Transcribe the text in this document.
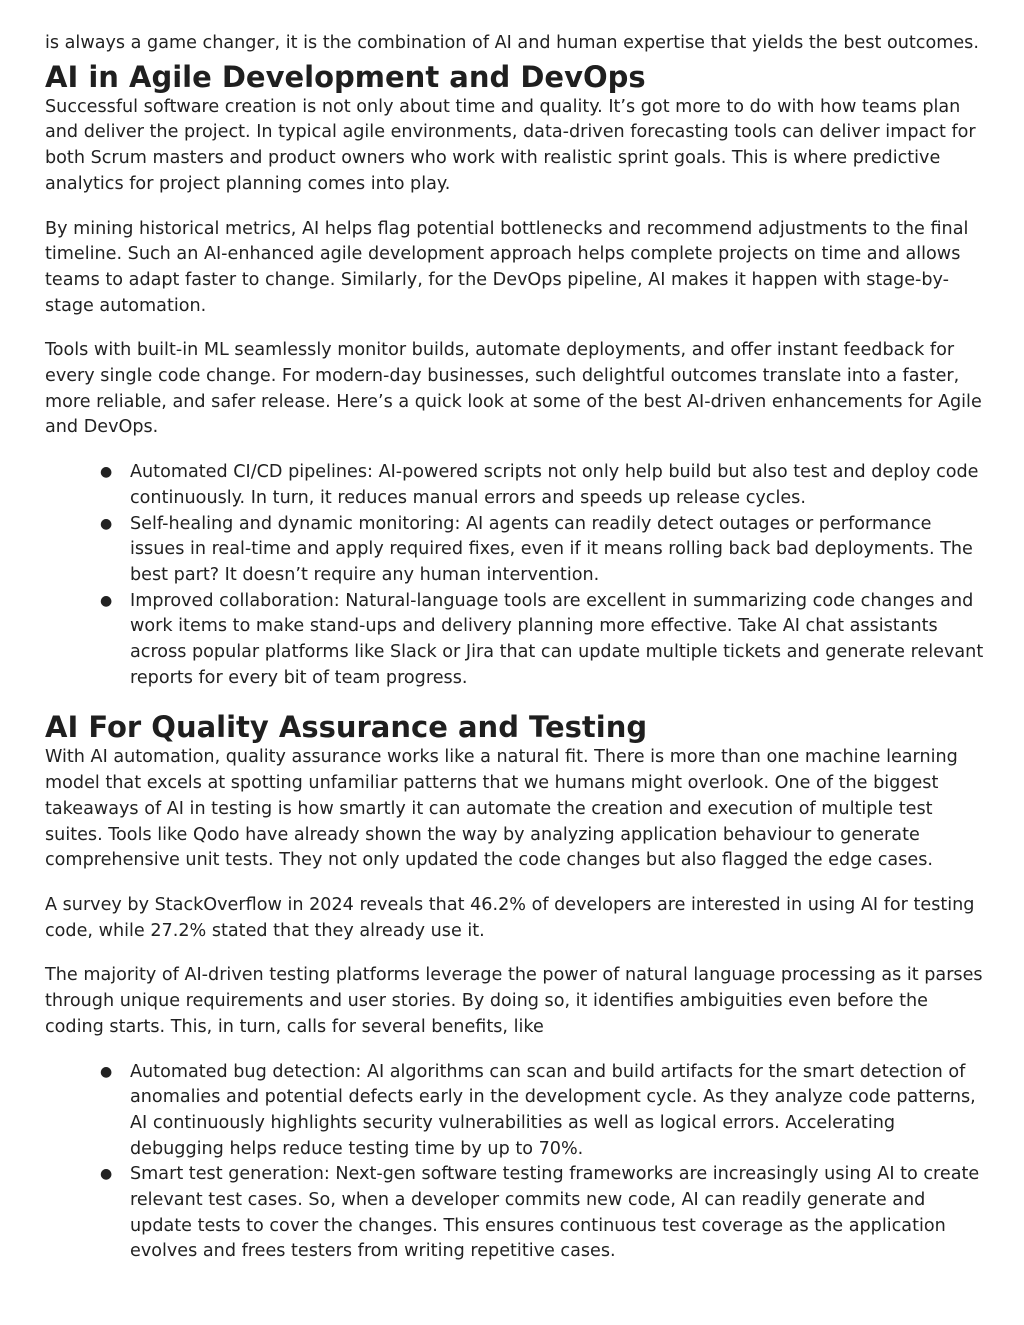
is always a game changer, it is the combination of AI and human expertise that yields the best outcomes.

AI in Agile Development and DevOps

Successful software creation is not only about time and quality. It’s got more to do with how teams plan and deliver the project. In typical agile environments, data-driven forecasting tools can deliver impact for both Scrum masters and product owners who work with realistic sprint goals. This is where predictive analytics for project planning comes into play.

By mining historical metrics, AI helps flag potential bottlenecks and recommend adjustments to the final timeline. Such an AI-enhanced agile development approach helps complete projects on time and allows teams to adapt faster to change. Similarly, for the DevOps pipeline, AI makes it happen with stage-by-stage automation.

Tools with built-in ML seamlessly monitor builds, automate deployments, and offer instant feedback for every single code change. For modern-day businesses, such delightful outcomes translate into a faster, more reliable, and safer release. Here’s a quick look at some of the best AI-driven enhancements for Agile and DevOps.

●	Automated CI/CD pipelines: AI-powered scripts not only help build but also test and deploy code continuously. In turn, it reduces manual errors and speeds up release cycles.
●	Self-healing and dynamic monitoring: AI agents can readily detect outages or performance issues in real-time and apply required fixes, even if it means rolling back bad deployments. The best part? It doesn’t require any human intervention.
●	Improved collaboration: Natural-language tools are excellent in summarizing code changes and work items to make stand-ups and delivery planning more effective. Take AI chat assistants across popular platforms like Slack or Jira that can update multiple tickets and generate relevant reports for every bit of team progress.
AI For Quality Assurance and Testing

With AI automation, quality assurance works like a natural fit. There is more than one machine learning model that excels at spotting unfamiliar patterns that we humans might overlook. One of the biggest takeaways of AI in testing is how smartly it can automate the creation and execution of multiple test suites. Tools like Qodo have already shown the way by analyzing application behaviour to generate comprehensive unit tests. They not only updated the code changes but also flagged the edge cases.

A survey by StackOverflow in 2024 reveals that 46.2% of developers are interested in using AI for testing code, while 27.2% stated that they already use it.

The majority of AI-driven testing platforms leverage the power of natural language processing as it parses through unique requirements and user stories. By doing so, it identifies ambiguities even before the coding starts. This, in turn, calls for several benefits, like

●	Automated bug detection: AI algorithms can scan and build artifacts for the smart detection of anomalies and potential defects early in the development cycle. As they analyze code patterns, AI continuously highlights security vulnerabilities as well as logical errors. Accelerating debugging helps reduce testing time by up to 70%.
●	Smart test generation: Next-gen software testing frameworks are increasingly using AI to create relevant test cases. So, when a developer commits new code, AI can readily generate and update tests to cover the changes. This ensures continuous test coverage as the application evolves and frees testers from writing repetitive cases.
